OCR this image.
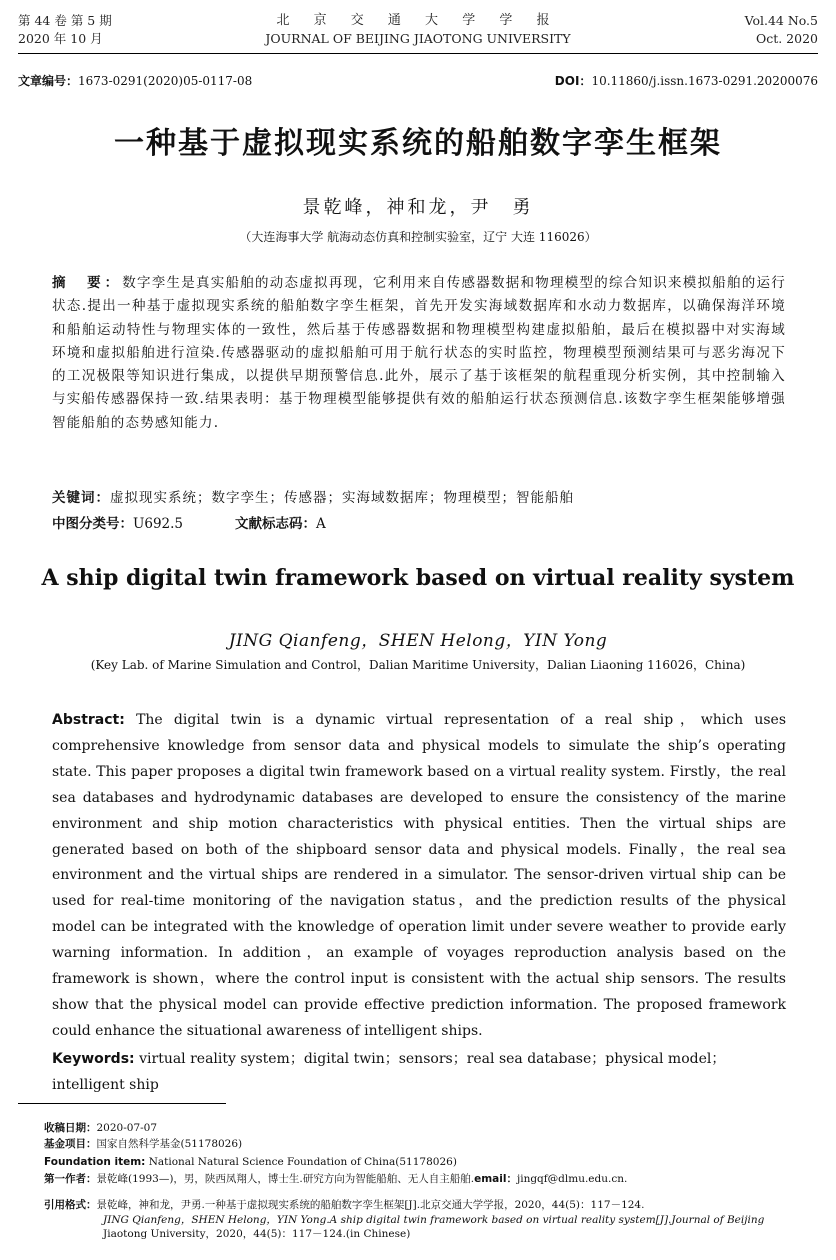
第 44 卷 第 5 期
2020 年 10 月
北 京 交 通 大 学 学 报
JOURNAL OF BEIJING JIAOTONG UNIVERSITY
Vol.44 No.5
Oct. 2020
文章编号：1673-0291(2020)05-0117-08	DOI：10.11860/j.issn.1673-0291.20200076
一种基于虚拟现实系统的船舶数字孪生框架
景乾峰，神和龙，尹　勇
（大连海事大学 航海动态仿真和控制实验室，辽宁 大连 116026）
摘　要：数字孪生是真实船舶的动态虚拟再现，它利用来自传感器数据和物理模型的综合知识来模拟船舶的运行状态.提出一种基于虚拟现实系统的船舶数字孪生框架，首先开发实海域数据库和水动力数据库，以确保海洋环境和船舶运动特性与物理实体的一致性，然后基于传感器数据和物理模型构建虚拟船舶，最后在模拟器中对实海域环境和虚拟船舶进行渲染.传感器驱动的虚拟船舶可用于航行状态的实时监控，物理模型预测结果可与恶劣海况下的工况极限等知识进行集成，以提供早期预警信息.此外，展示了基于该框架的航程重现分析实例，其中控制输入与实船传感器保持一致.结果表明：基于物理模型能够提供有效的船舶运行状态预测信息.该数字孪生框架能够增强智能船舶的态势感知能力.
关键词：虚拟现实系统；数字孪生；传感器；实海域数据库；物理模型；智能船舶
中图分类号：U692.5	文献标志码：A
A ship digital twin framework based on virtual reality system
JING Qianfeng，SHEN Helong，YIN Yong
(Key Lab. of Marine Simulation and Control，Dalian Maritime University，Dalian Liaoning 116026，China)
Abstract: The digital twin is a dynamic virtual representation of a real ship，which uses comprehensive knowledge from sensor data and physical models to simulate the ship’s operating state. This paper proposes a digital twin framework based on a virtual reality system. Firstly，the real sea databases and hydrodynamic databases are developed to ensure the consistency of the marine environment and ship motion characteristics with physical entities. Then the virtual ships are generated based on both of the shipboard sensor data and physical models. Finally，the real sea environment and the virtual ships are rendered in a simulator. The sensor-driven virtual ship can be used for real-time monitoring of the navigation status，and the prediction results of the physical model can be integrated with the knowledge of operation limit under severe weather to provide early warning information. In addition，an example of voyages reproduction analysis based on the framework is shown，where the control input is consistent with the actual ship sensors. The results show that the physical model can provide effective prediction information. The proposed framework could enhance the situational awareness of intelligent ships.
Keywords: virtual reality system；digital twin；sensors；real sea database；physical model；intelligent ship
收稿日期：2020-07-07
基金项目：国家自然科学基金(51178026)
Foundation item: National Natural Science Foundation of China(51178026)
第一作者：景乾峰(1993—)，男，陕西凤翔人，博士生.研究方向为智能船舶、无人自主船舶.email：jingqf@dlmu.edu.cn.
引用格式：景乾峰，神和龙，尹勇.一种基于虚拟现实系统的船舶数字孪生框架[J].北京交通大学学报，2020，44(5)：117－124.
JING Qianfeng，SHEN Helong，YIN Yong.A ship digital twin framework based on virtual reality system[J].Journal of Beijing
Jiaotong University，2020，44(5)：117－124.(in Chinese)
